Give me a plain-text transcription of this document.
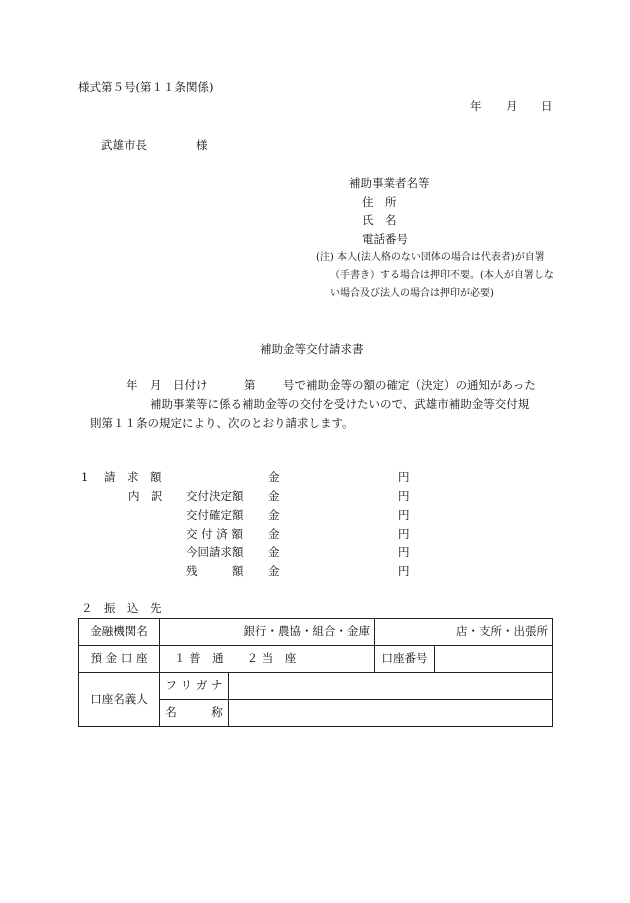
様式第５号(第１１条関係)
年 月 日
武雄市長	様
補助事業者名等
住　所
氏　名
電話番号
(注) 本人(法人格のない団体の場合は代表者)が自署
（手書き）する場合は押印不要。(本人が自署しな
い場合及び法人の場合は押印が必要)
補助金等交付請求書
年 月 日付け	第 号で補助金等の額の確定（決定）の通知があった
補助事業等に係る補助金等の交付を受けたいので、武雄市補助金等交付規
則第１１条の規定により、次のとおり請求します。
1 請　求　額	金	円
内　訳 交付決定額 金	円
交付確定額 金	円
交 付 済 額 金	円
今回請求額 金	円
残　　　額 金	円
２ 振　込　先
金融機関名	銀行・農協・組合・金庫		店・支所・出張所	
預 金 口 座	１ 普　通　　２ 当　座		口座番号	
口座名義人	フ リ ガ ナ			
	名　　　称			
